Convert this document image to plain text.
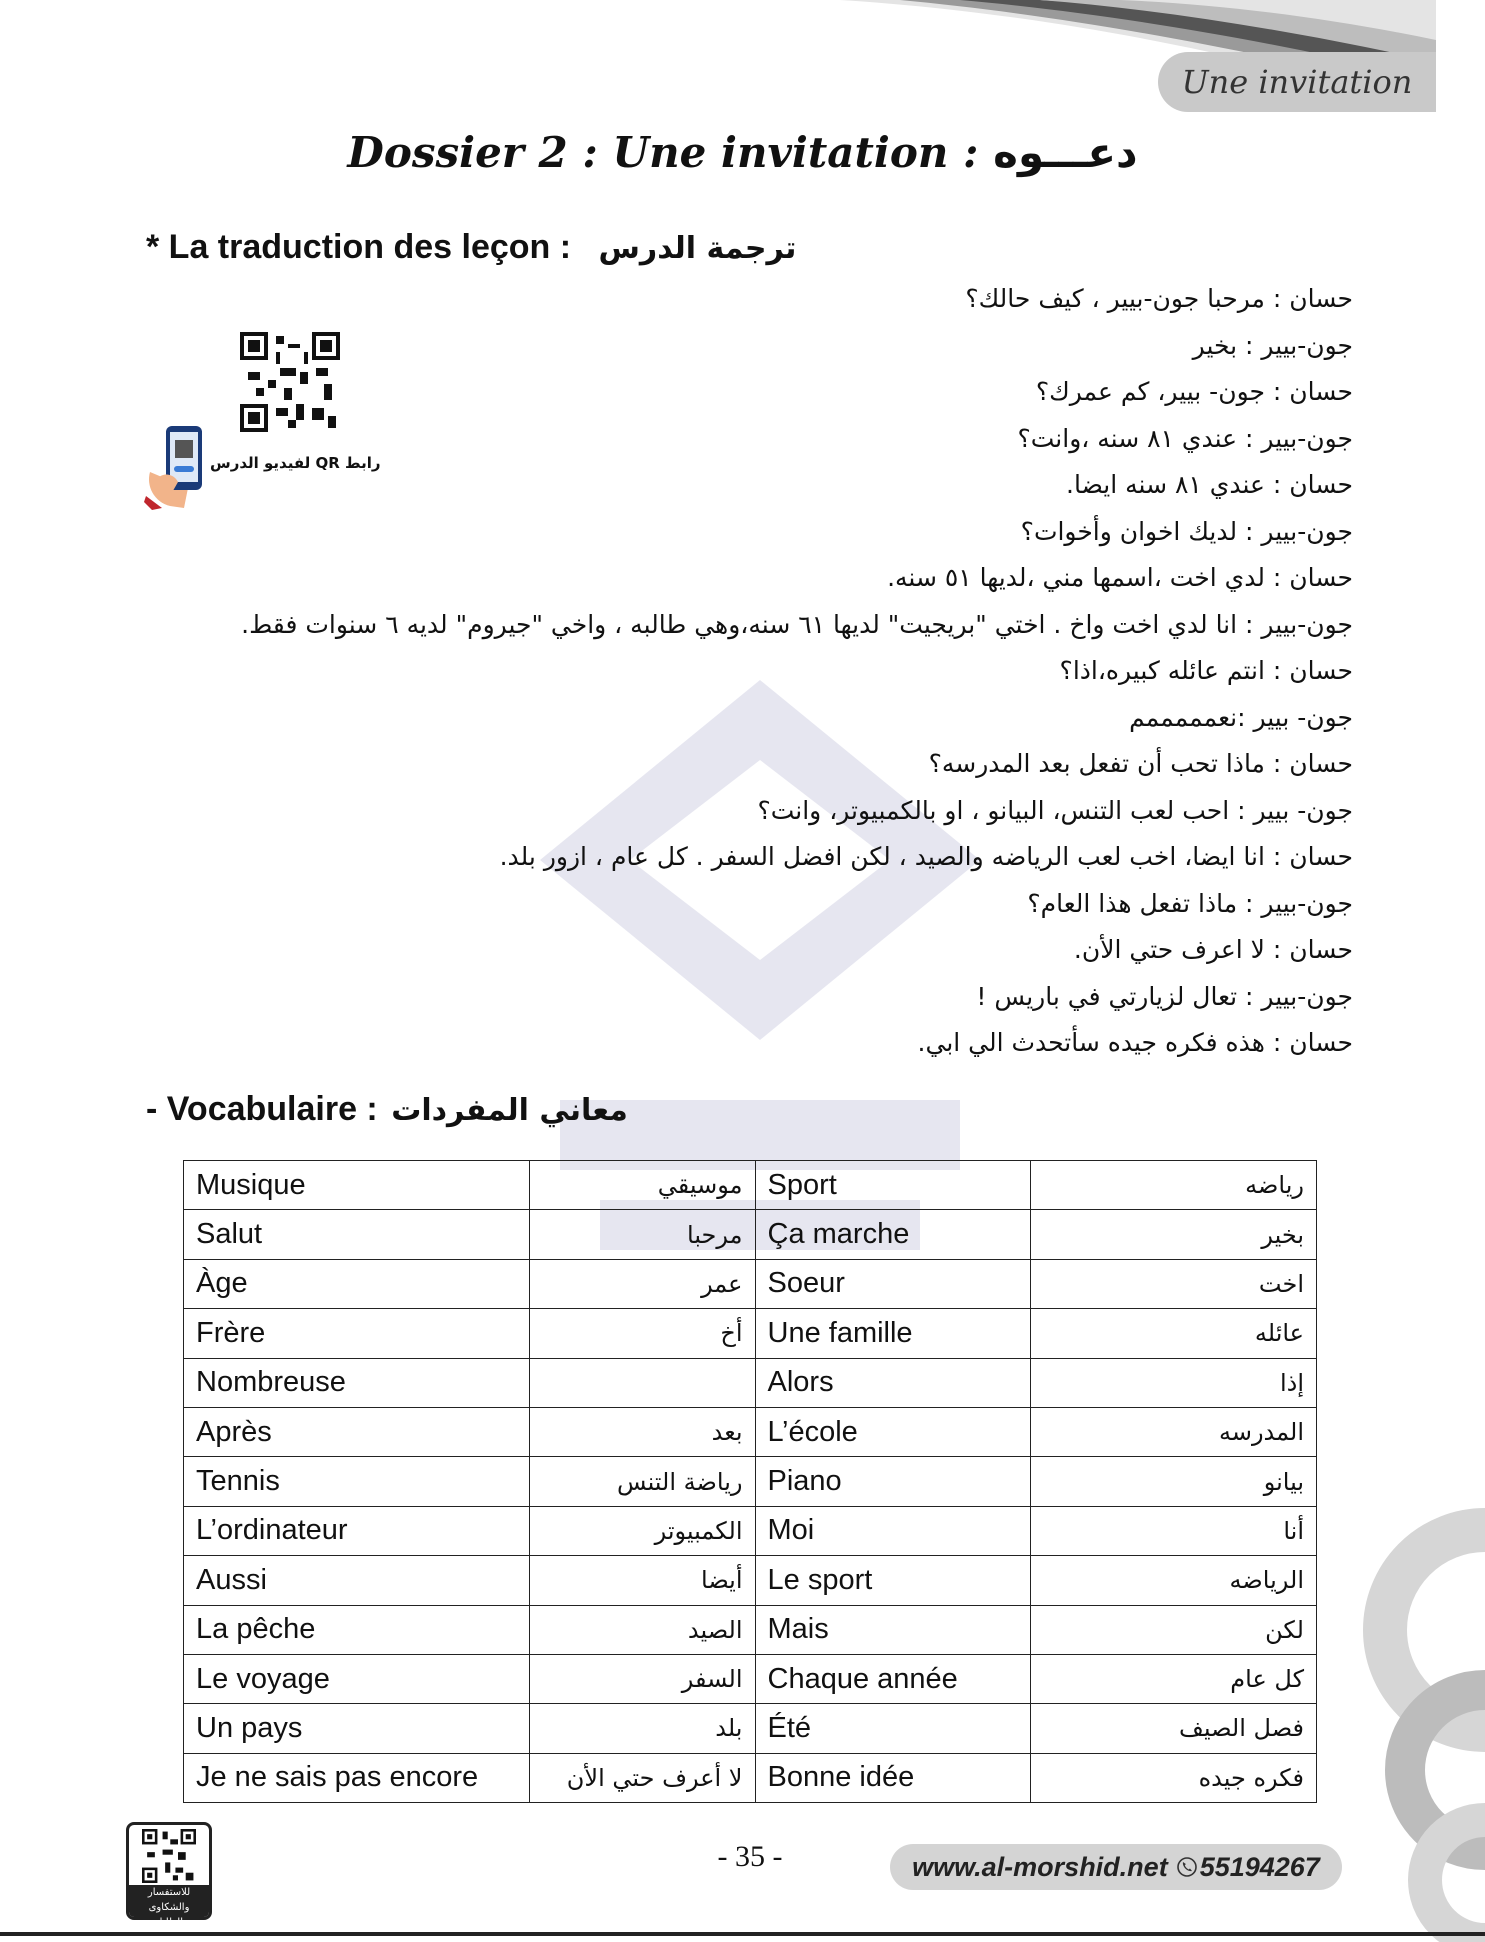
Une invitation
Dossier 2 : Une invitation : دعـــوه
* La traduction des leçon : ترجمة الدرس
رابط QR لفيديو الدرس
حسان : مرحبا جون-بيير ، كيف حالك؟
جون-بيير : بخير
حسان : جون- بيير، كم عمرك؟
جون-بيير : عندي ٨١ سنه ،وانت؟
حسان : عندي ٨١ سنه ايضا.
جون-بيير : لديك اخوان وأخوات؟
حسان : لدي اخت ،اسمها مني ،لديها ٥١ سنه.
جون-بيير : انا لدي اخت واخ . اختي "بريجيت" لديها ٦١ سنه،وهي طالبه ، واخي "جيروم" لديه ٦ سنوات فقط.
حسان : انتم عائله كبيره،اذا؟
جون- بيير :نعمممممم
حسان : ماذا تحب أن تفعل بعد المدرسه؟
جون- بيير : احب لعب التنس، البيانو ، او بالكمبيوتر، وانت؟
حسان : انا ايضا، اخب لعب الرياضه والصيد ، لكن افضل السفر . كل عام ، ازور بلد.
جون-بيير : ماذا تفعل هذا العام؟
حسان : لا اعرف حتي الأن.
جون-بيير : تعال لزيارتي في باريس !
حسان : هذه فكره جيده سأتحدث الي ابي.
- Vocabulaire : معاني المفردات
Musique	موسيقي	Sport	رياضه
Salut	مرحبا	Ça marche	بخير
Àge	عمر	Soeur	اخت
Frère	أخ	Une famille	عائله
Nombreuse		Alors	إذا
Après	بعد	L’école	المدرسه
Tennis	رياضة التنس	Piano	بيانو
L’ordinateur	الكمبيوتر	Moi	أنا
Aussi	أيضا	Le sport	الرياضه
La pêche	الصيد	Mais	لكن
Le voyage	السفر	Chaque année	كل عام
Un pays	بلد	Été	فصل الصيف
Je ne sais pas encore	لا أعرف حتي الأن	Bonne idée	فكره جيده
- 35 -	www.al-morshid.net 55194267
للاستفسار والشكاوى والطلبات
